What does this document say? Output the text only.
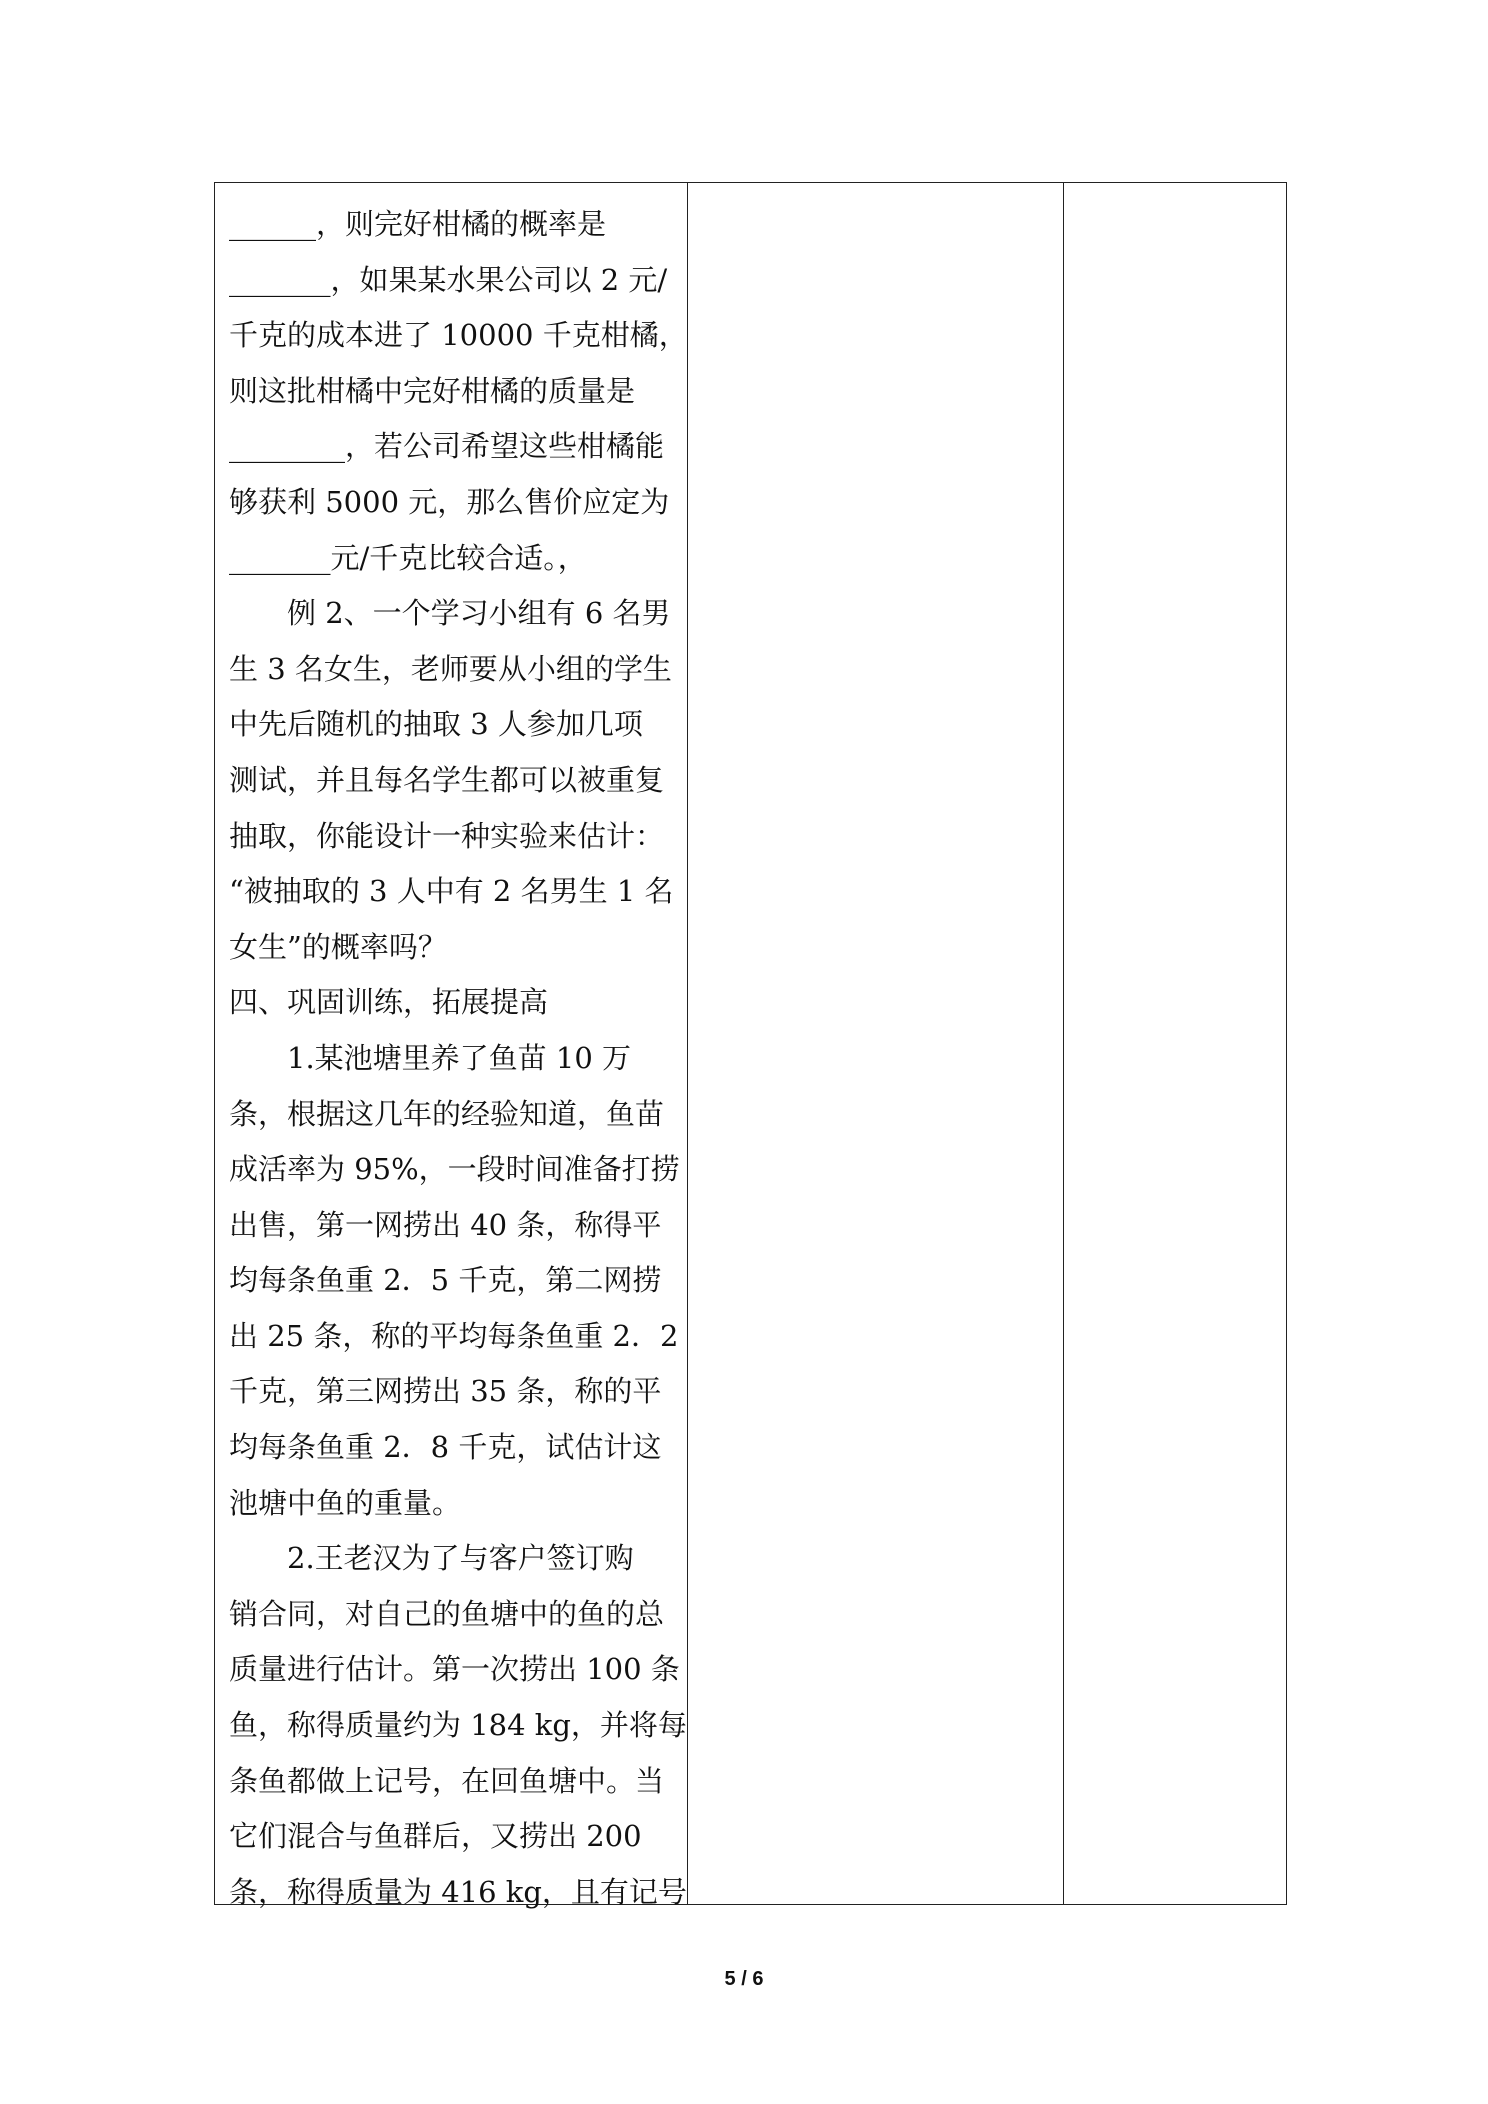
______，则完好柑橘的概率是
_______，如果某水果公司以 2 元/
千克的成本进了 10000 千克柑橘，
则这批柑橘中完好柑橘的质量是
________，若公司希望这些柑橘能
够获利 5000 元，那么售价应定为
_______元/千克比较合适。，
例 2、一个学习小组有 6 名男
生 3 名女生，老师要从小组的学生
中先后随机的抽取 3 人参加几项
测试，并且每名学生都可以被重复
抽取，你能设计一种实验来估计：
“被抽取的 3 人中有 2 名男生 1 名
女生”的概率吗？
四、巩固训练，拓展提高
1.某池塘里养了鱼苗 10 万
条，根据这几年的经验知道，鱼苗
成活率为 95%，一段时间准备打捞
出售，第一网捞出 40 条，称得平
均每条鱼重 2．5 千克，第二网捞
出 25 条，称的平均每条鱼重 2．2
千克，第三网捞出 35 条，称的平
均每条鱼重 2．8 千克，试估计这
池塘中鱼的重量。
2.王老汉为了与客户签订购
销合同，对自己的鱼塘中的鱼的总
质量进行估计。第一次捞出 100 条
鱼，称得质量约为 184 kg，并将每
条鱼都做上记号，在回鱼塘中。当
它们混合与鱼群后，又捞出 200
条，称得质量为 416 kg，且有记号
5 / 6
